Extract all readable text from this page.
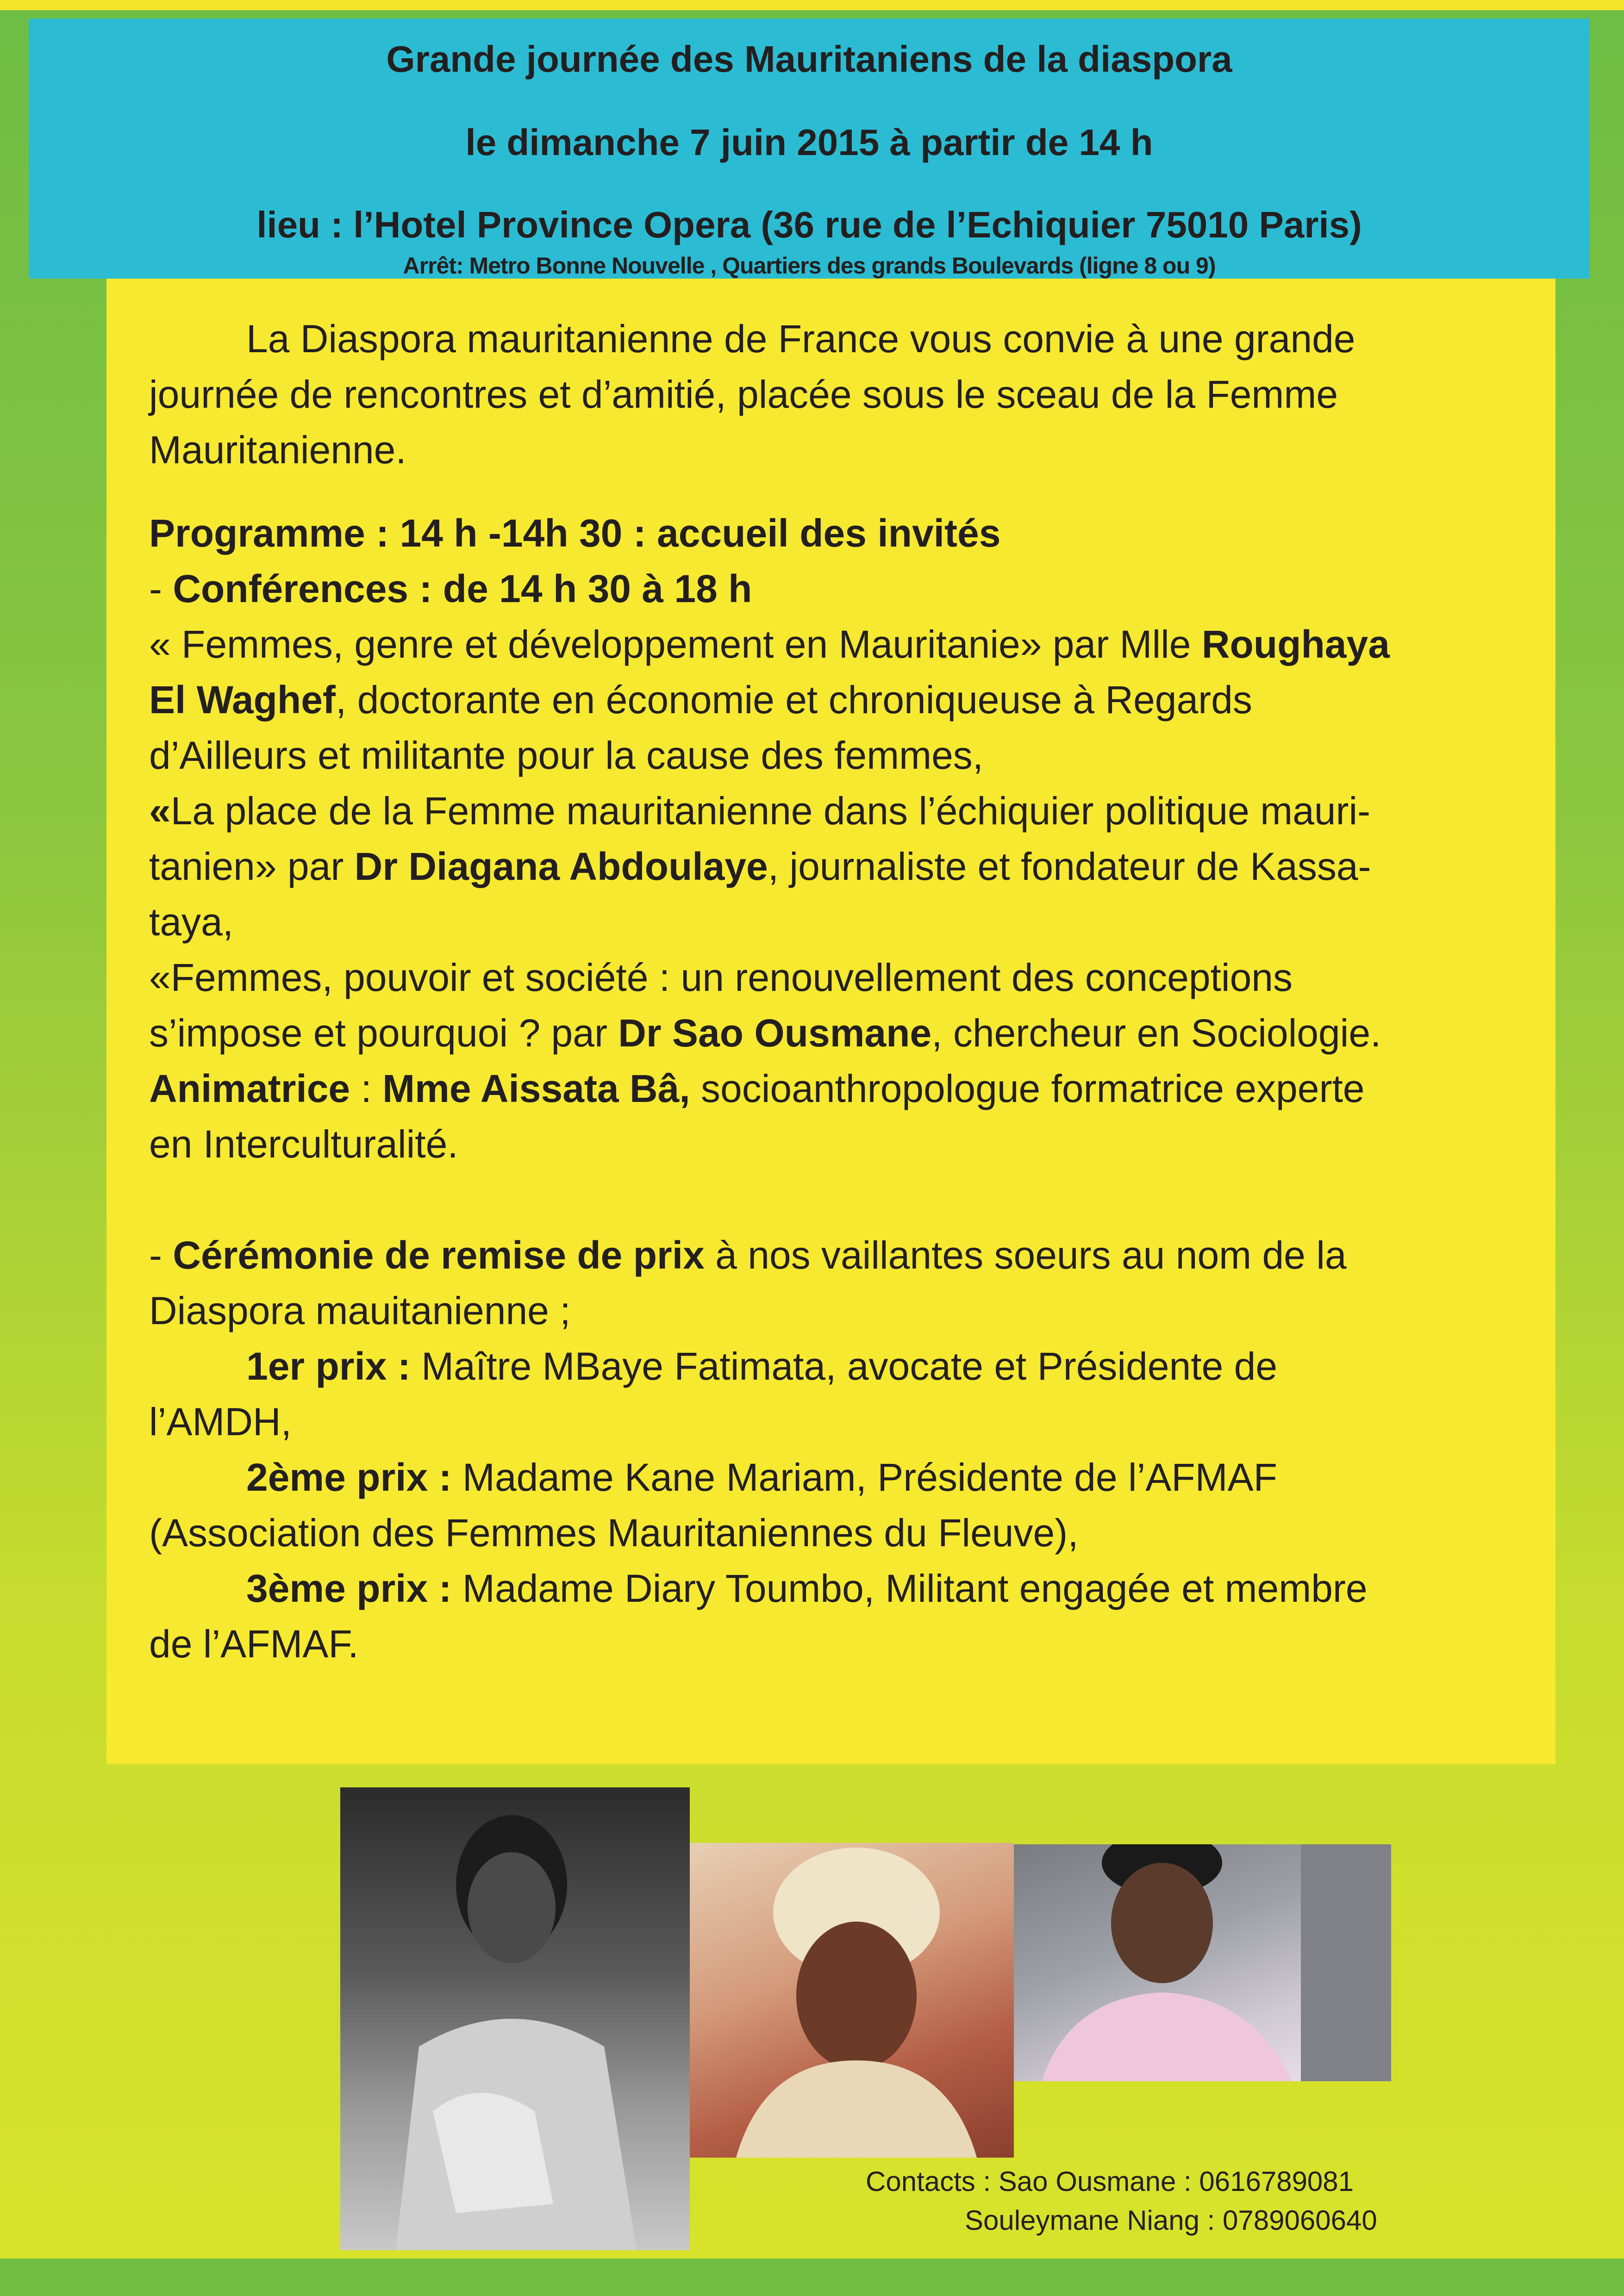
Grande journée des Mauritaniens de la diaspora
le dimanche 7 juin 2015 à partir de 14 h
lieu : l’Hotel Province Opera (36 rue de l’Echiquier 75010 Paris)
Arrêt: Metro Bonne Nouvelle , Quartiers des grands Boulevards (ligne 8 ou 9)

La Diaspora mauritanienne de France vous convie à une grande
journée de rencontres et d’amitié, placée sous le sceau de la Femme
Mauritanienne.

Programme : 14 h -14h 30 : accueil des invités
- Conférences : de 14 h 30 à 18 h
« Femmes, genre et développement en Mauritanie» par Mlle Roughaya
El Waghef, doctorante en économie et chroniqueuse à Regards
d’Ailleurs et militante pour la cause des femmes,
«La place de la Femme mauritanienne dans l’échiquier politique mauri-
tanien» par Dr Diagana Abdoulaye, journaliste et fondateur de Kassa-
taya,
«Femmes, pouvoir et société : un renouvellement des conceptions
s’impose et pourquoi ? par Dr Sao Ousmane, chercheur en Sociologie.
Animatrice : Mme Aissata Bâ, socioanthropologue formatrice experte
en Interculturalité.

- Cérémonie de remise de prix à nos vaillantes soeurs au nom de la
Diaspora mauitanienne ;
1er prix : Maître MBaye Fatimata, avocate et Présidente de
l’AMDH,
2ème prix : Madame Kane Mariam, Présidente de l’AFMAF
(Association des Femmes Mauritaniennes du Fleuve),
3ème prix : Madame Diary Toumbo, Militant engagée et membre
de l’AFMAF.

Contacts : Sao Ousmane : 0616789081
Souleymane Niang : 0789060640
